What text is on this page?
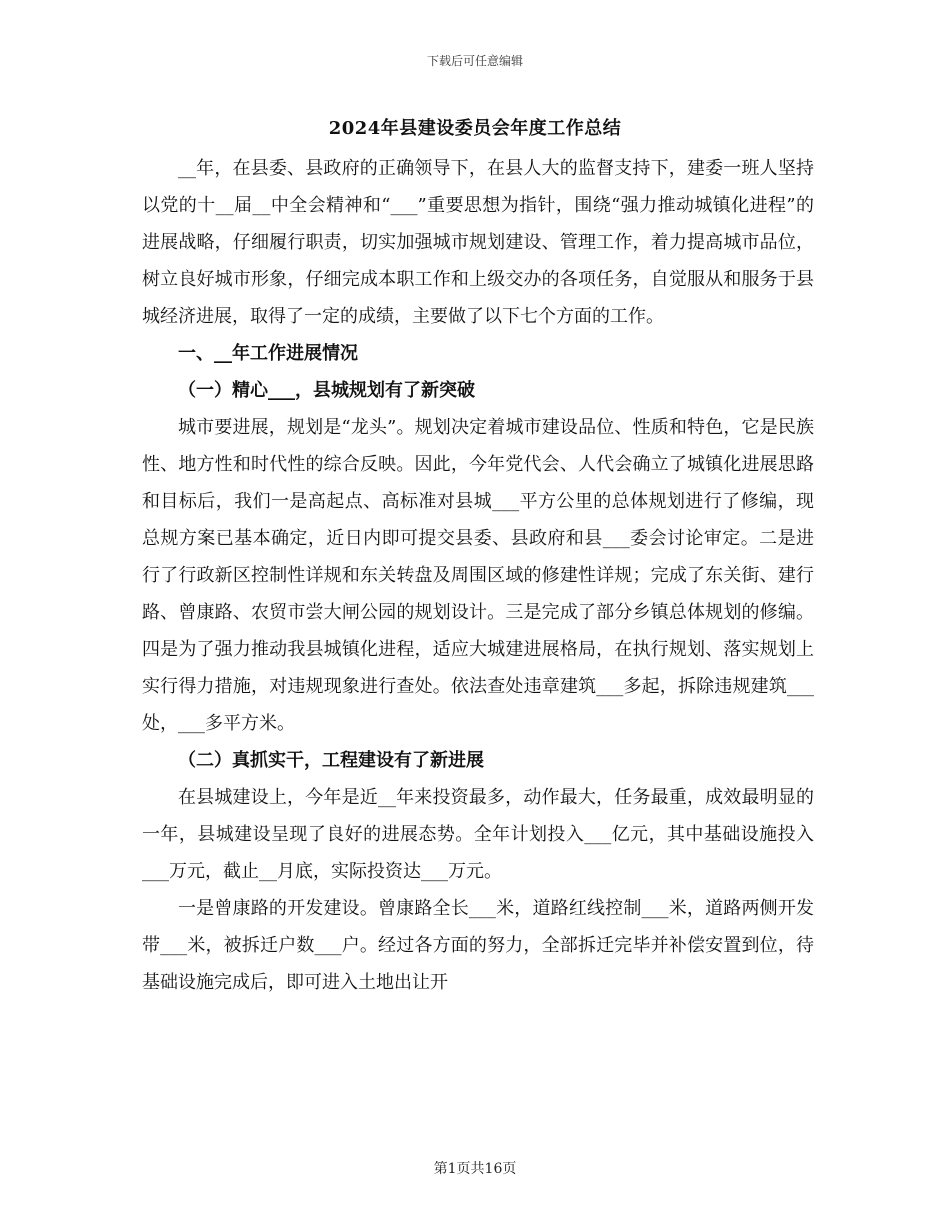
下载后可任意编辑
2024年县建设委员会年度工作总结

__年，在县委、县政府的正确领导下，在县人大的监督支持下，建委一班人坚持以党的十__届__中全会精神和“___”重要思想为指针，围绕“强力推动城镇化进程”的进展战略，仔细履行职责，切实加强城市规划建设、管理工作，着力提高城市品位，树立良好城市形象，仔细完成本职工作和上级交办的各项任务，自觉服从和服务于县城经济进展，取得了一定的成绩，主要做了以下七个方面的工作。

一、__年工作进展情况

（一）精心___，县城规划有了新突破

城市要进展，规划是“龙头”。规划决定着城市建设品位、性质和特色，它是民族性、地方性和时代性的综合反映。因此，今年党代会、人代会确立了城镇化进展思路和目标后，我们一是高起点、高标准对县城___平方公里的总体规划进行了修编，现总规方案已基本确定，近日内即可提交县委、县政府和县___委会讨论审定。二是进行了行政新区控制性详规和东关转盘及周围区域的修建性详规；完成了东关街、建行路、曾康路、农贸市尝大闸公园的规划设计。三是完成了部分乡镇总体规划的修编。四是为了强力推动我县城镇化进程，适应大城建进展格局，在执行规划、落实规划上实行得力措施，对违规现象进行查处。依法查处违章建筑___多起，拆除违规建筑___处，___多平方米。

（二）真抓实干，工程建设有了新进展

在县城建设上，今年是近__年来投资最多，动作最大，任务最重，成效最明显的一年，县城建设呈现了良好的进展态势。全年计划投入___亿元，其中基础设施投入___万元，截止__月底，实际投资达___万元。

一是曾康路的开发建设。曾康路全长___米，道路红线控制___米，道路两侧开发带___米，被拆迁户数___户。经过各方面的努力，全部拆迁完毕并补偿安置到位，待基础设施完成后，即可进入土地出让开

第1页共16页
